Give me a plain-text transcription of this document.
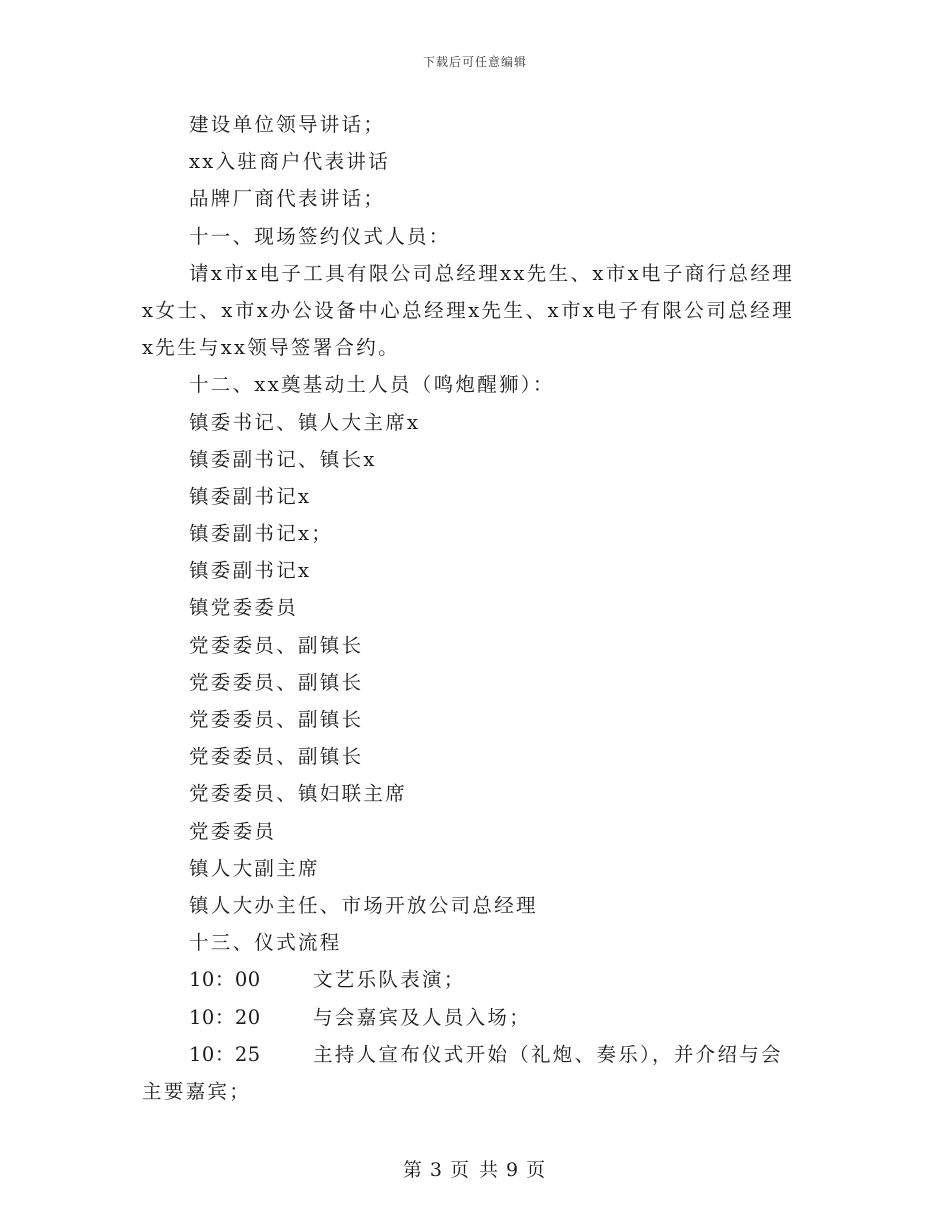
下载后可任意编辑
建设单位领导讲话；
xx入驻商户代表讲话
品牌厂商代表讲话；
十一、现场签约仪式人员：
请x市x电子工具有限公司总经理xx先生、x市x电子商行总经理x女士、x市x办公设备中心总经理x先生、x市x电子有限公司总经理x先生与xx领导签署合约。
十二、xx奠基动土人员（鸣炮醒狮）：
镇委书记、镇人大主席x
镇委副书记、镇长x
镇委副书记x
镇委副书记x；
镇委副书记x
镇党委委员
党委委员、副镇长
党委委员、副镇长
党委委员、副镇长
党委委员、副镇长
党委委员、镇妇联主席
党委委员
镇人大副主席
镇人大办主任、市场开放公司总经理
十三、仪式流程
10：00	文艺乐队表演；
10：20	与会嘉宾及人员入场；
10：25	主持人宣布仪式开始（礼炮、奏乐），并介绍与会主要嘉宾；
第 3 页 共 9 页
